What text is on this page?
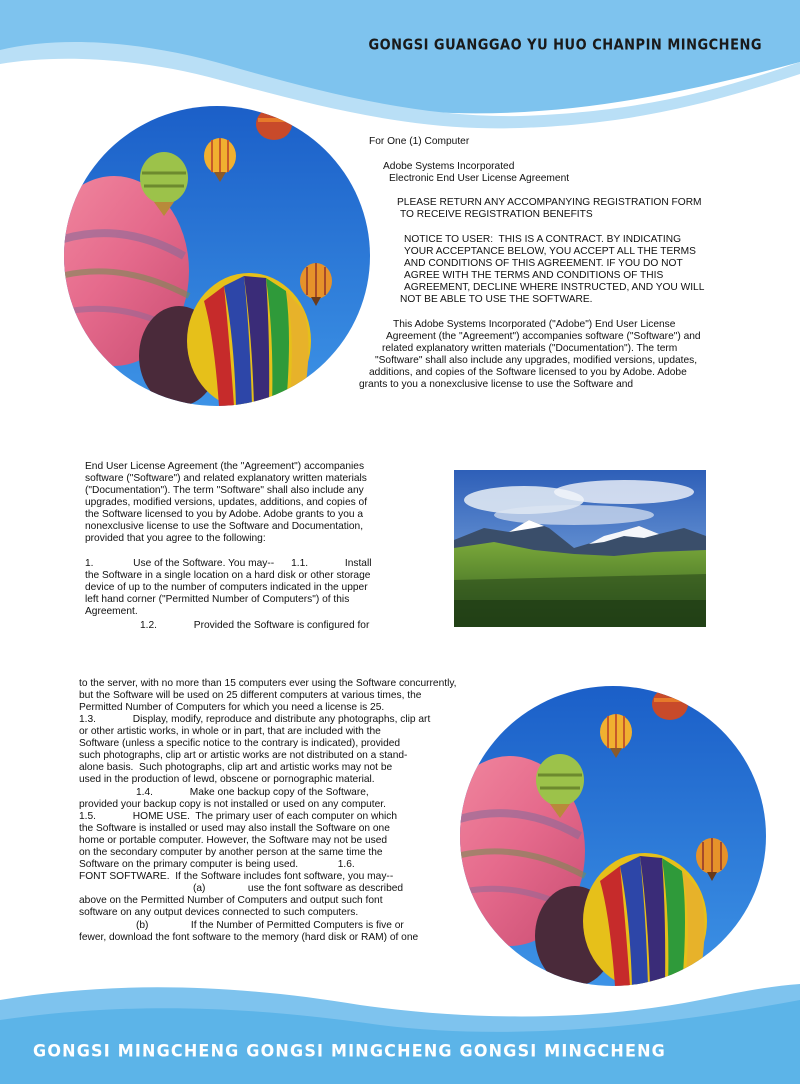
GONGSI GUANGGAO YU HUO CHANPIN MINGCHENG
For One (1) Computer
Adobe Systems Incorporated
Electronic End User License Agreement
PLEASE RETURN ANY ACCOMPANYING REGISTRATION FORM
TO RECEIVE REGISTRATION BENEFITS
NOTICE TO USER:  THIS IS A CONTRACT. BY INDICATING
YOUR ACCEPTANCE BELOW, YOU ACCEPT ALL THE TERMS
AND CONDITIONS OF THIS AGREEMENT. IF YOU DO NOT
AGREE WITH THE TERMS AND CONDITIONS OF THIS
AGREEMENT, DECLINE WHERE INSTRUCTED, AND YOU WILL
NOT BE ABLE TO USE THE SOFTWARE.
This Adobe Systems Incorporated ("Adobe") End User License
Agreement (the "Agreement") accompanies software ("Software") and
related explanatory written materials ("Documentation"). The term
"Software" shall also include any upgrades, modified versions, updates,
additions, and copies of the Software licensed to you by Adobe. Adobe
grants to you a nonexclusive license to use the Software and
End User License Agreement (the "Agreement") accompanies
software ("Software") and related explanatory written materials
("Documentation"). The term "Software" shall also include any
upgrades, modified versions, updates, additions, and copies of
the Software licensed to you by Adobe. Adobe grants to you a
nonexclusive license to use the Software and Documentation,
provided that you agree to the following:
1.              Use of the Software. You may--      1.1.             Install
the Software in a single location on a hard disk or other storage
device of up to the number of computers indicated in the upper
left hand corner ("Permitted Number of Computers") of this
Agreement.
1.2.             Provided the Software is configured for
to the server, with no more than 15 computers ever using the Software concurrently,
but the Software will be used on 25 different computers at various times, the
Permitted Number of Computers for which you need a license is 25.
1.3.             Display, modify, reproduce and distribute any photographs, clip art
or other artistic works, in whole or in part, that are included with the
Software (unless a specific notice to the contrary is indicated), provided
such photographs, clip art or artistic works are not distributed on a stand-
alone basis.  Such photographs, clip art and artistic works may not be
used in the production of lewd, obscene or pornographic material.
1.4.             Make one backup copy of the Software,
provided your backup copy is not installed or used on any computer.
1.5.             HOME USE.  The primary user of each computer on which
the Software is installed or used may also install the Software on one
home or portable computer. However, the Software may not be used
on the secondary computer by another person at the same time the
Software on the primary computer is being used.              1.6.
FONT SOFTWARE.  If the Software includes font software, you may--
(a)               use the font software as described
above on the Permitted Number of Computers and output such font
software on any output devices connected to such computers.
(b)               If the Number of Permitted Computers is five or
fewer, download the font software to the memory (hard disk or RAM) of one
GONGSI MINGCHENG GONGSI MINGCHENG GONGSI MINGCHENG
